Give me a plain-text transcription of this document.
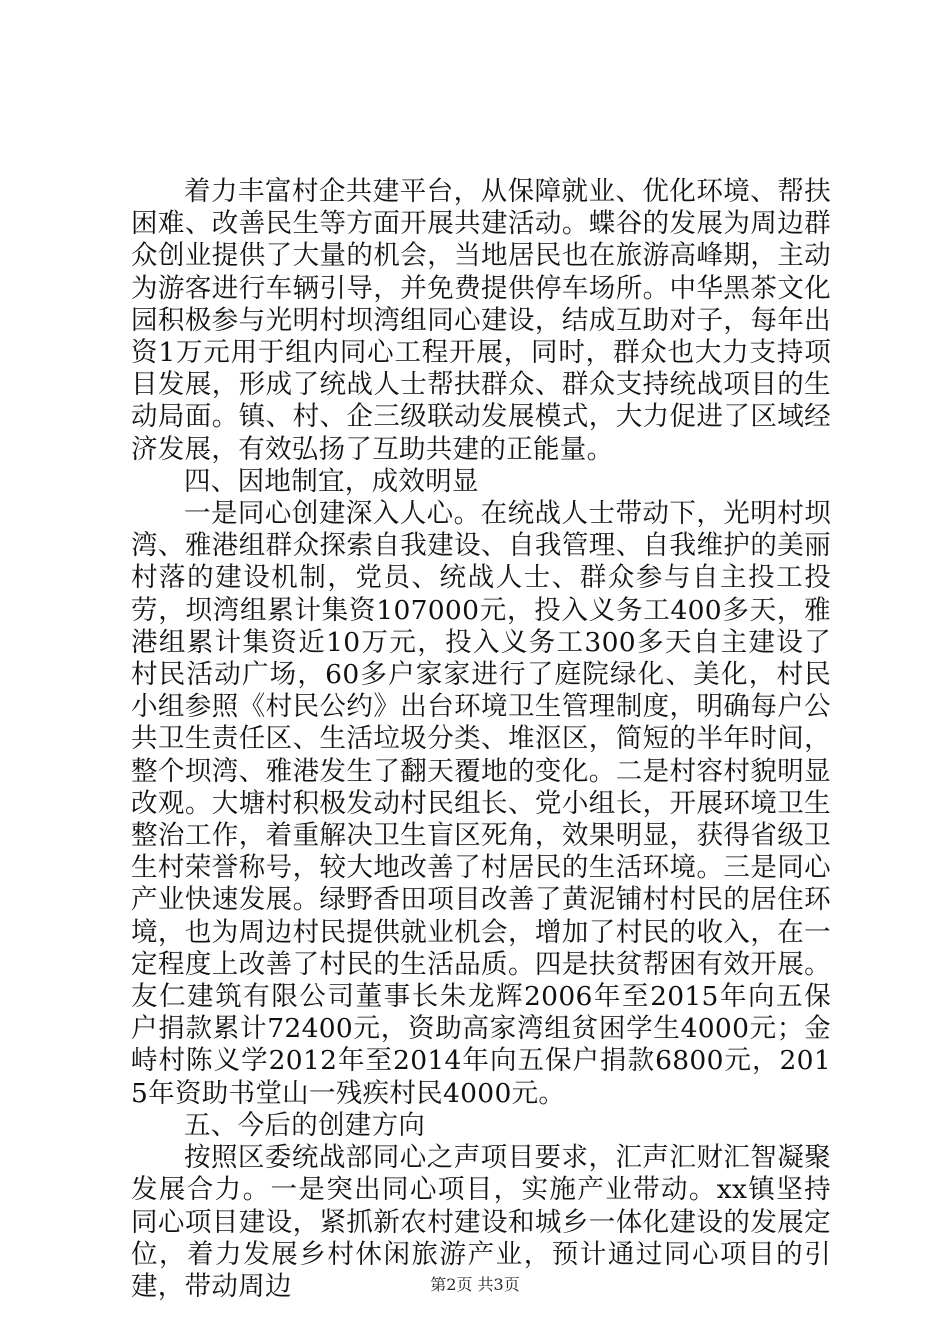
着力丰富村企共建平台，从保障就业、优化环境、帮扶困难、改善民生等方面开展共建活动。蝶谷的发展为周边群众创业提供了大量的机会，当地居民也在旅游高峰期，主动为游客进行车辆引导，并免费提供停车场所。中华黑茶文化园积极参与光明村坝湾组同心建设，结成互助对子，每年出资1万元用于组内同心工程开展，同时，群众也大力支持项目发展，形成了统战人士帮扶群众、群众支持统战项目的生动局面。镇、村、企三级联动发展模式，大力促进了区域经济发展，有效弘扬了互助共建的正能量。

四、因地制宜，成效明显

一是同心创建深入人心。在统战人士带动下，光明村坝湾、雅港组群众探索自我建设、自我管理、自我维护的美丽村落的建设机制，党员、统战人士、群众参与自主投工投劳，坝湾组累计集资107000元，投入义务工400多天，雅港组累计集资近10万元，投入义务工300多天自主建设了村民活动广场，60多户家家进行了庭院绿化、美化，村民小组参照《村民公约》出台环境卫生管理制度，明确每户公共卫生责任区、生活垃圾分类、堆沤区，简短的半年时间，整个坝湾、雅港发生了翻天覆地的变化。二是村容村貌明显改观。大塘村积极发动村民组长、党小组长，开展环境卫生整治工作，着重解决卫生盲区死角，效果明显，获得省级卫生村荣誉称号，较大地改善了村居民的生活环境。三是同心产业快速发展。绿野香田项目改善了黄泥铺村村民的居住环境，也为周边村民提供就业机会，增加了村民的收入，在一定程度上改善了村民的生活品质。四是扶贫帮困有效开展。友仁建筑有限公司董事长朱龙辉2006年至2015年向五保户捐款累计72400元，资助高家湾组贫困学生4000元；金峙村陈义学2012年至2014年向五保户捐款6800元，2015年资助书堂山一残疾村民4000元。

五、今后的创建方向

按照区委统战部同心之声项目要求，汇声汇财汇智凝聚发展合力。一是突出同心项目，实施产业带动。xx镇坚持同心项目建设，紧抓新农村建设和城乡一体化建设的发展定位，着力发展乡村休闲旅游产业，预计通过同心项目的引建，带动周边	第2页 共3页
